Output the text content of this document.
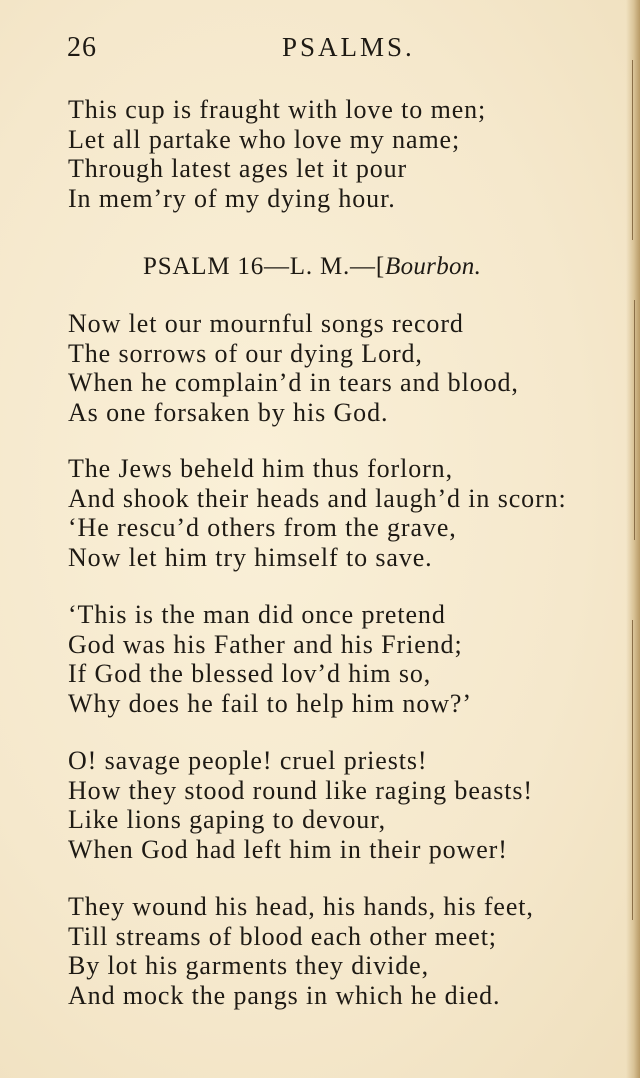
26	PSALMS.
This cup is fraught with love to men;
Let all partake who love my name;
Through latest ages let it pour
In mem’ry of my dying hour.
PSALM 16—L. M.—[Bourbon.
Now let our mournful songs record
The sorrows of our dying Lord,
When he complain’d in tears and blood,
As one forsaken by his God.
The Jews beheld him thus forlorn,
And shook their heads and laugh’d in scorn:
‘He rescu’d others from the grave,
Now let him try himself to save.
‘This is the man did once pretend
God was his Father and his Friend;
If God the blessed lov’d him so,
Why does he fail to help him now?’
O! savage people! cruel priests!
How they stood round like raging beasts!
Like lions gaping to devour,
When God had left him in their power!
They wound his head, his hands, his feet,
Till streams of blood each other meet;
By lot his garments they divide,
And mock the pangs in which he died.
